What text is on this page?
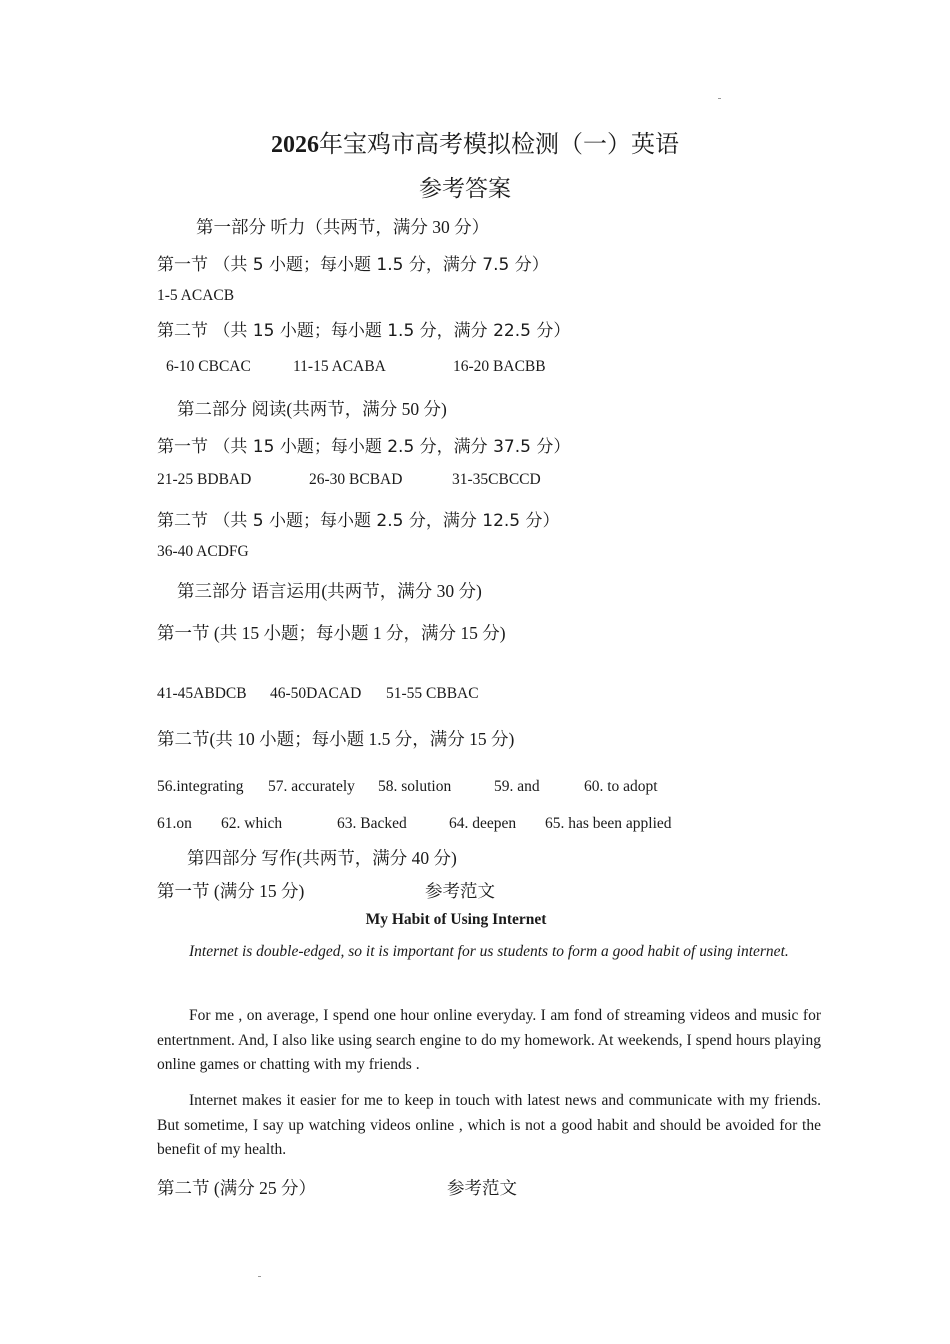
2026年宝鸡市高考模拟检测（一）英语
参考答案
第一部分 听力（共两节，满分 30 分）
第一节 （共 5 小题；每小题 1.5 分，满分 7.5 分）
1-5 ACACB
第二节 （共 15 小题；每小题 1.5 分，满分 22.5 分）
6-10 CBCAC	11-15 ACABA	16-20 BACBB
第二部分 阅读(共两节，满分 50 分)
第一节 （共 15 小题；每小题 2.5 分，满分 37.5 分）
21-25 BDBAD	26-30 BCBAD	31-35CBCCD
第二节 （共 5 小题；每小题 2.5 分，满分 12.5 分）
36-40 ACDFG
第三部分 语言运用(共两节，满分 30 分)
第一节 (共 15 小题；每小题 1 分，满分 15 分)
41-45ABDCB 46-50DACAD 51-55 CBBAC
第二节(共 10 小题；每小题 1.5 分，满分 15 分)
56.integrating 57. accurately 58. solution	59. and	60. to adopt
61.on 62. which	63. Backed	64. deepen 65. has been applied
第四部分 写作(共两节，满分 40 分)
第一节 (满分 15 分)	参考范文
My Habit of Using Internet
Internet is double-edged, so it is important for us students to form a good habit of using internet.
For me , on average, I spend one hour online everyday. I am fond of streaming videos and music for entertnment. And, I also like using search engine to do my homework. At weekends, I spend hours playing online games or chatting with my friends .
Internet makes it easier for me to keep in touch with latest news and communicate with my friends. But sometime, I say up watching videos online , which is not a good habit and should be avoided for the benefit of my health.
第二节 (满分 25 分）	参考范文
